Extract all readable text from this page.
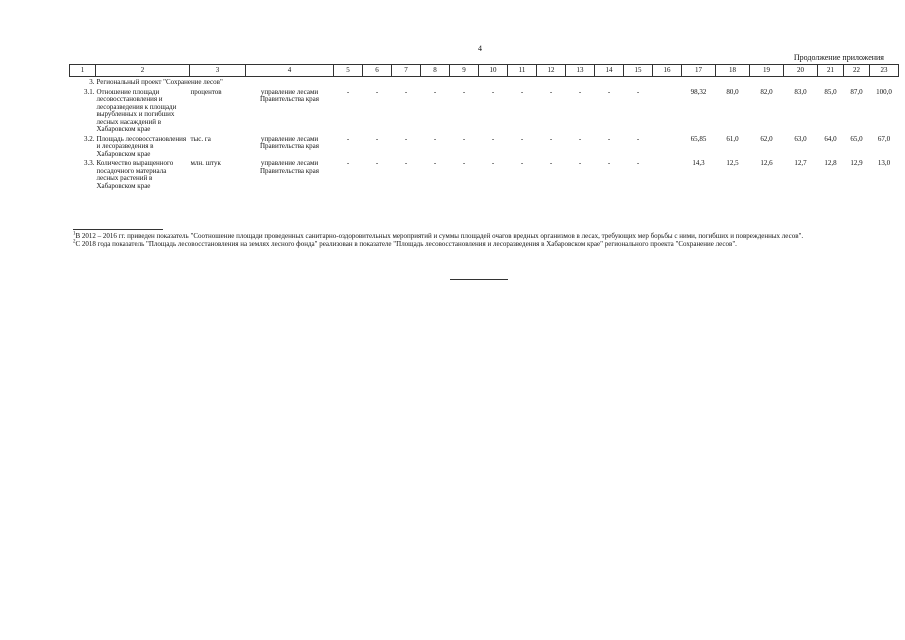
4
Продолжение приложения
1	2	3	4	5	6	7	8	9	10	11	12	13	14	15	16	17	18	19	20	21	22	23
3.	Региональный проект "Сохранение лесов"																					
3.1.	Отношение площади лесовосстановления и лесоразведения к площади вырубленных и погибших лесных насаждений в Хабаровском крае	процентов	управление лесами Правительства края	-	-	-	-	-	-	-	-	-	-	-		98,32	80,0	82,0	83,0	85,0	87,0	100,0
3.2.	Площадь лесовосстановления и лесоразведения в Хабаровском крае	тыс. га	управление лесами Правительства края	-	-	-	-	-	-	-	-	-	-	-		65,85	61,0	62,0	63,0	64,0	65,0	67,0
3.3.	Количество выращенного посадочного материала лесных растений в Хабаровском крае	млн. штук	управление лесами Правительства края	-	-	-	-	-	-	-	-	-	-	-		14,3	12,5	12,6	12,7	12,8	12,9	13,0

$^1$В 2012 – 2016 гг. приведен показатель "Соотношение площади проведенных санитарно-оздоровительных мероприятий и суммы площадей очагов вредных организмов в лесах, требующих мер борьбы с ними, погибших и поврежденных лесов".

$^2$С 2018 года показатель "Площадь лесовосстановления на землях лесного фонда" реализован в показателе "Площадь лесовосстановления и лесоразведения в Хабаровском крае" регионального проекта "Сохранение лесов".
